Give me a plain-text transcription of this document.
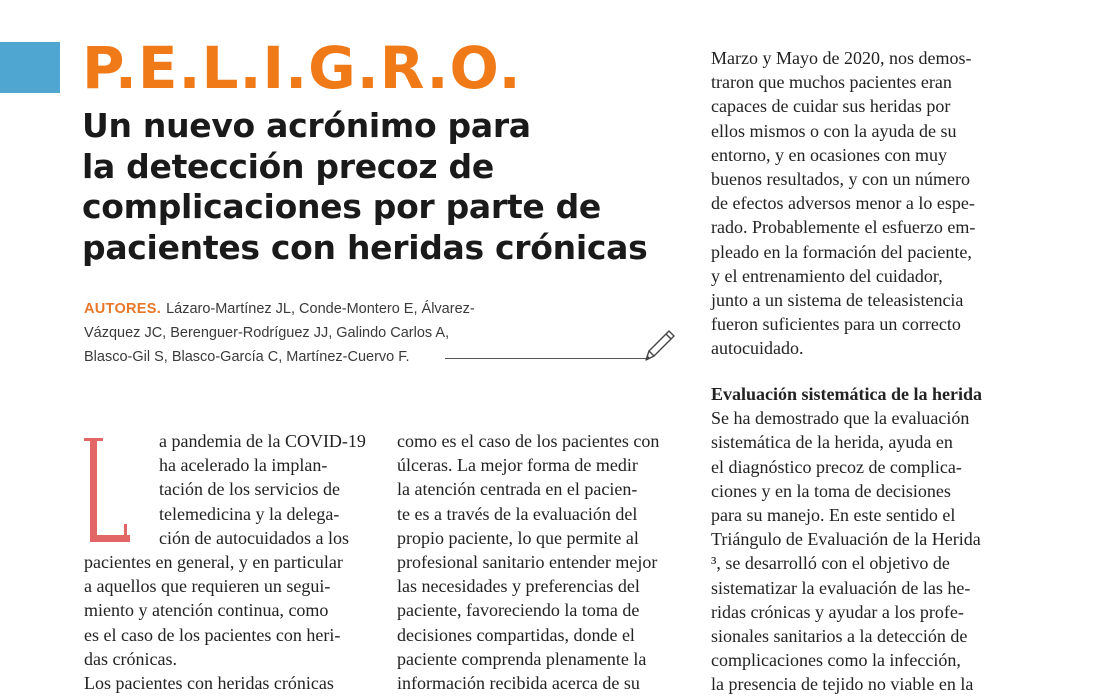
P.E.L.I.G.R.O.
Un nuevo acrónimo para
la detección precoz de
complicaciones por parte de
pacientes con heridas crónicas
AUTORES. Lázaro-Martínez JL, Conde-Montero E, Álvarez-
Vázquez JC, Berenguer-Rodríguez JJ, Galindo Carlos A,
Blasco-Gil S, Blasco-García C, Martínez-Cuervo F.
a pandemia de la COVID-19
ha acelerado la implan-
tación de los servicios de
telemedicina y la delega-
ción de autocuidados a los
pacientes en general, y en particular
a aquellos que requieren un segui-
miento y atención continua, como
es el caso de los pacientes con heri-
das crónicas.
Los pacientes con heridas crónicas
como es el caso de los pacientes con
úlceras. La mejor forma de medir
la atención centrada en el pacien-
te es a través de la evaluación del
propio paciente, lo que permite al
profesional sanitario entender mejor
las necesidades y preferencias del
paciente, favoreciendo la toma de
decisiones compartidas, donde el
paciente comprenda plenamente la
información recibida acerca de su
Marzo y Mayo de 2020, nos demos-
traron que muchos pacientes eran
capaces de cuidar sus heridas por
ellos mismos o con la ayuda de su
entorno, y en ocasiones con muy
buenos resultados, y con un número
de efectos adversos menor a lo espe-
rado. Probablemente el esfuerzo em-
pleado en la formación del paciente,
y el entrenamiento del cuidador,
junto a un sistema de teleasistencia
fueron suficientes para un correcto
autocuidado.
Evaluación sistemática de la herida
Se ha demostrado que la evaluación
sistemática de la herida, ayuda en
el diagnóstico precoz de complica-
ciones y en la toma de decisiones
para su manejo. En este sentido el
Triángulo de Evaluación de la Herida
³, se desarrolló con el objetivo de
sistematizar la evaluación de las he-
ridas crónicas y ayudar a los profe-
sionales sanitarios a la detección de
complicaciones como la infección,
la presencia de tejido no viable en la
